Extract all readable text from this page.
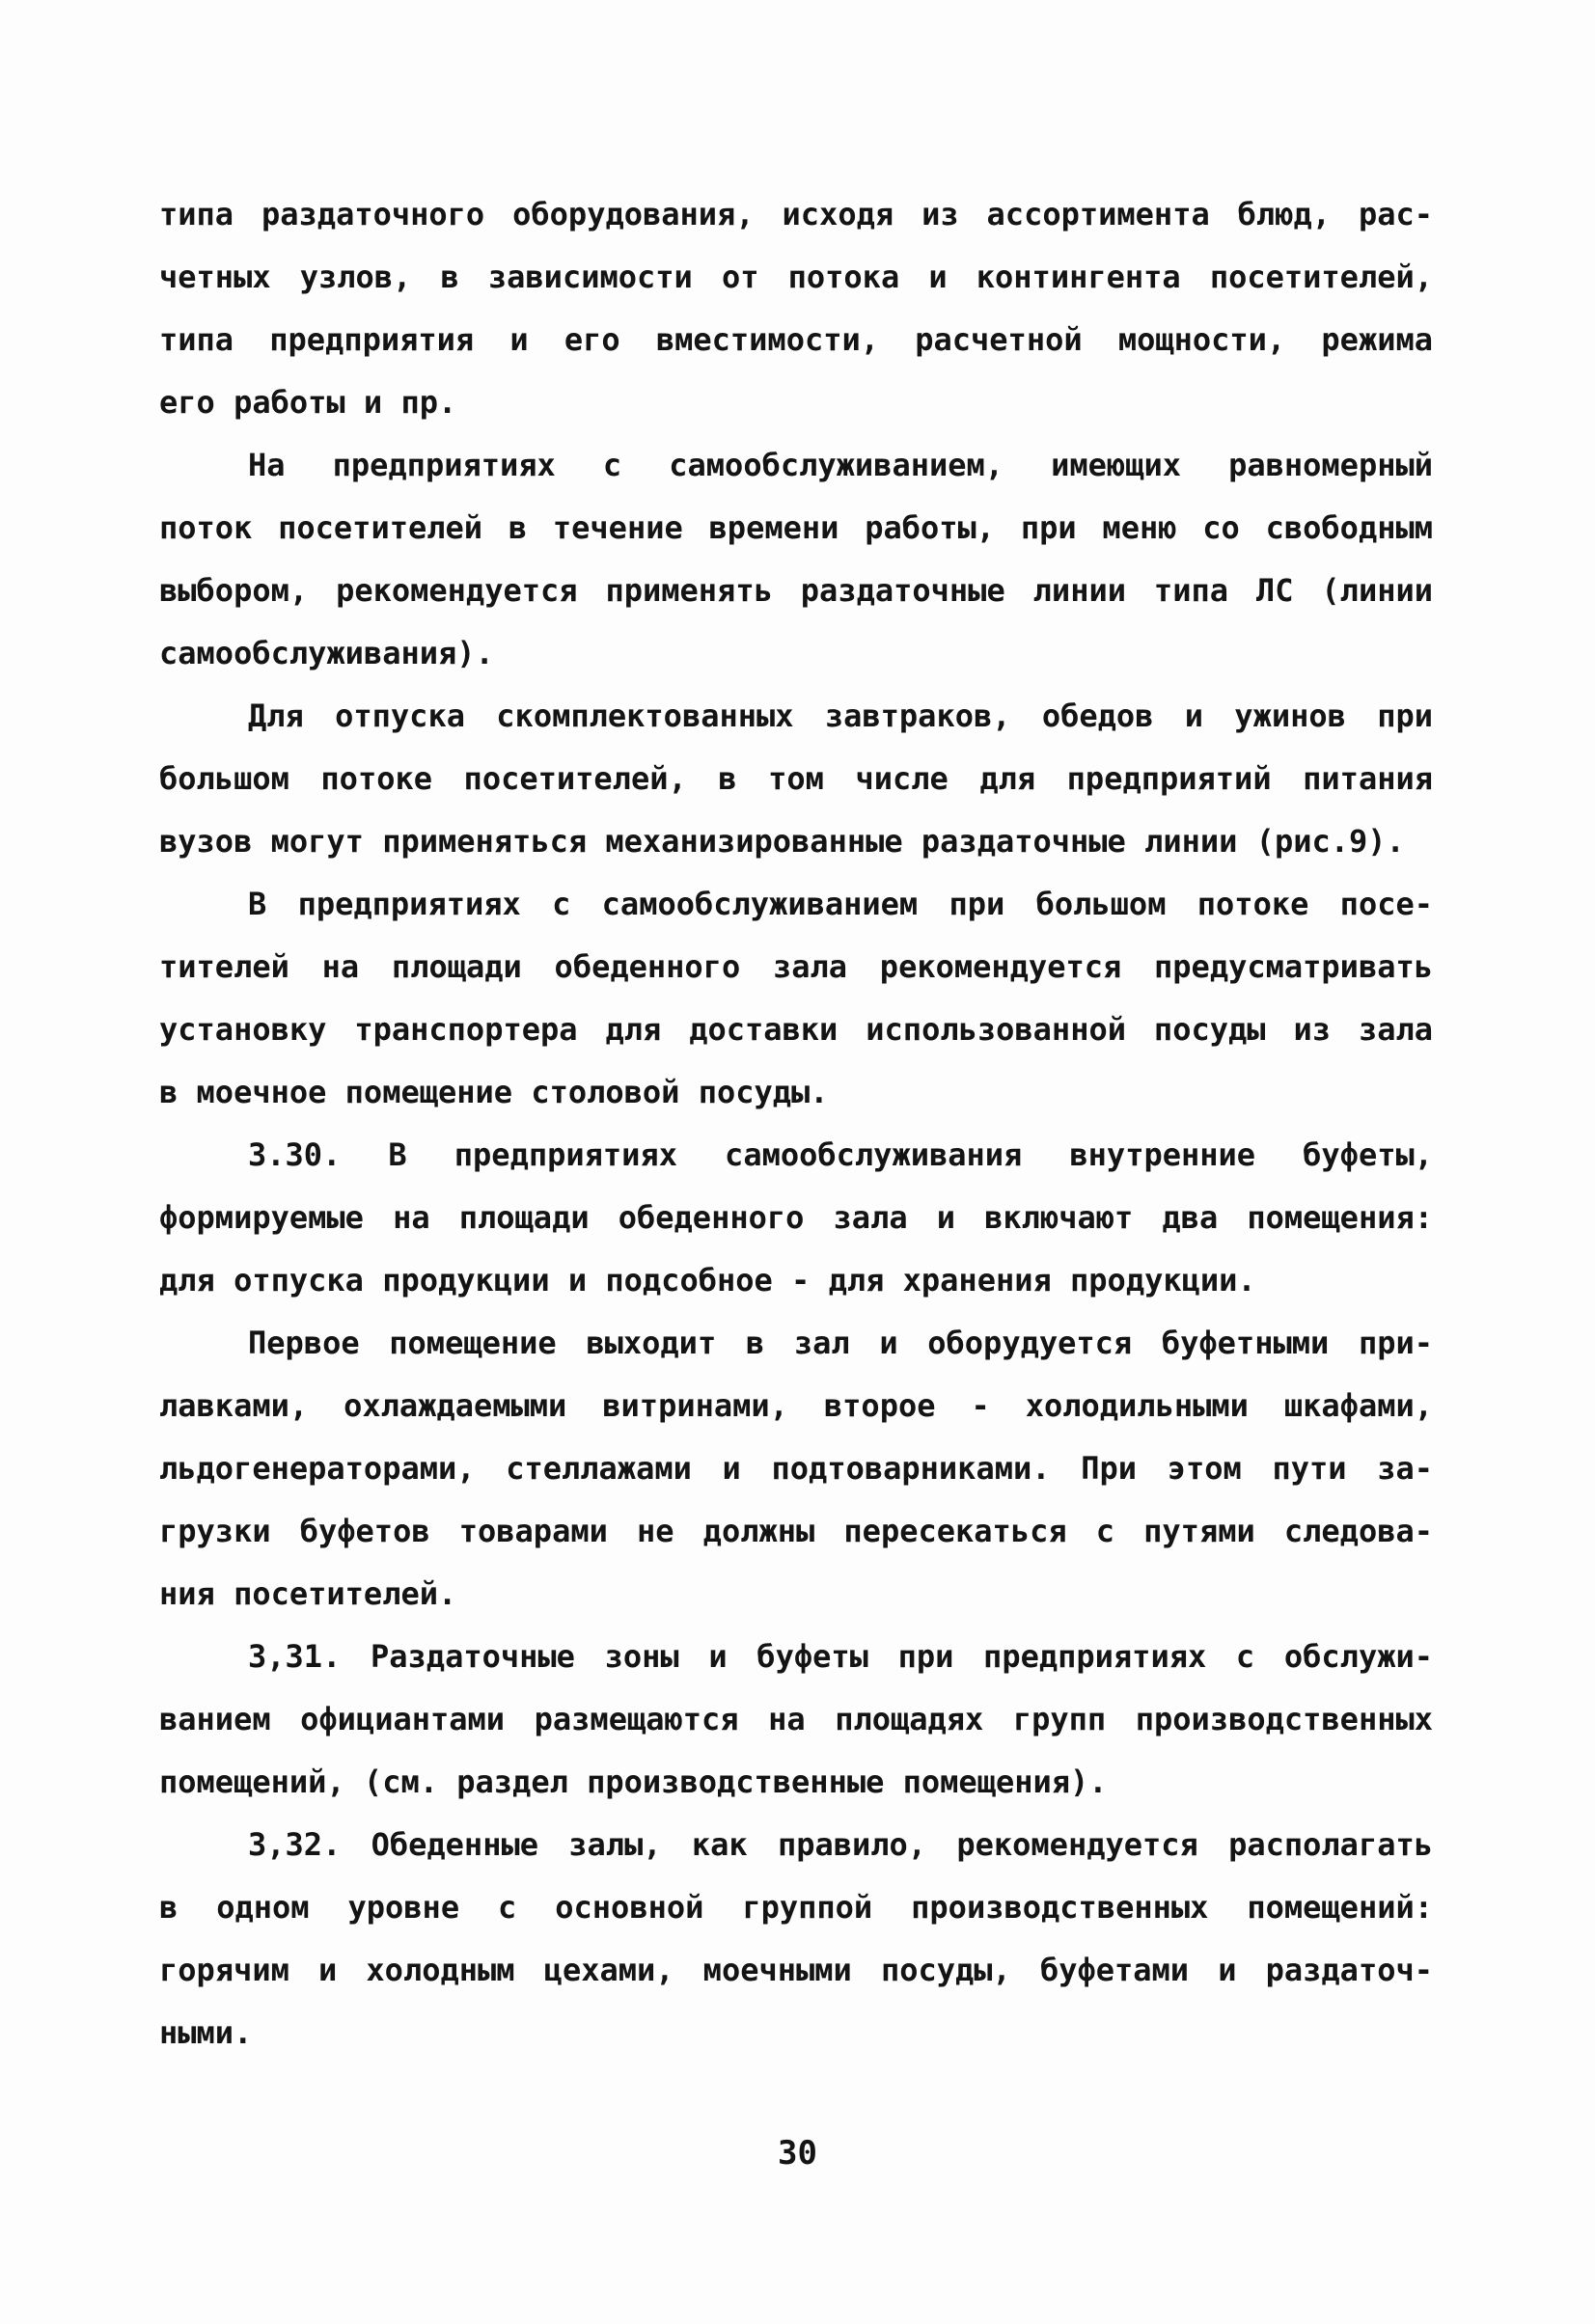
типа раздаточного оборудования, исходя из ассортимента блюд, рас-
четных узлов, в зависимости от потока и контингента посетителей,
типа предприятия и его вместимости, расчетной мощности, режима
его работы и пр.
На предприятиях с самообслуживанием, имеющих равномерный
поток посетителей в течение времени работы, при меню со свободным
выбором, рекомендуется применять раздаточные линии типа ЛС (линии
самообслуживания).
Для отпуска скомплектованных завтраков, обедов и ужинов при
большом потоке посетителей, в том числе для предприятий питания
вузов могут применяться механизированные раздаточные линии (рис.9).
В предприятиях с самообслуживанием при большом потоке посе-
тителей на площади обеденного зала рекомендуется предусматривать
установку транспортера для доставки использованной посуды из зала
в моечное помещение столовой посуды.
3.30. В предприятиях самообслуживания внутренние буфеты,
формируемые на площади обеденного зала и включают два помещения:
для отпуска продукции и подсобное - для хранения продукции.
Первое помещение выходит в зал и оборудуется буфетными при-
лавками, охлаждаемыми витринами, второе - холодильными шкафами,
льдогенераторами, стеллажами и подтоварниками. При этом пути за-
грузки буфетов товарами не должны пересекаться с путями следова-
ния посетителей.
3,31. Раздаточные зоны и буфеты при предприятиях с обслужи-
ванием официантами размещаются на площадях групп производственных
помещений, (см. раздел производственные помещения).
3,32. Обеденные залы, как правило, рекомендуется располагать
в одном уровне с основной группой производственных помещений:
горячим и холодным цехами, моечными посуды, буфетами и раздаточ-
ными.
30
